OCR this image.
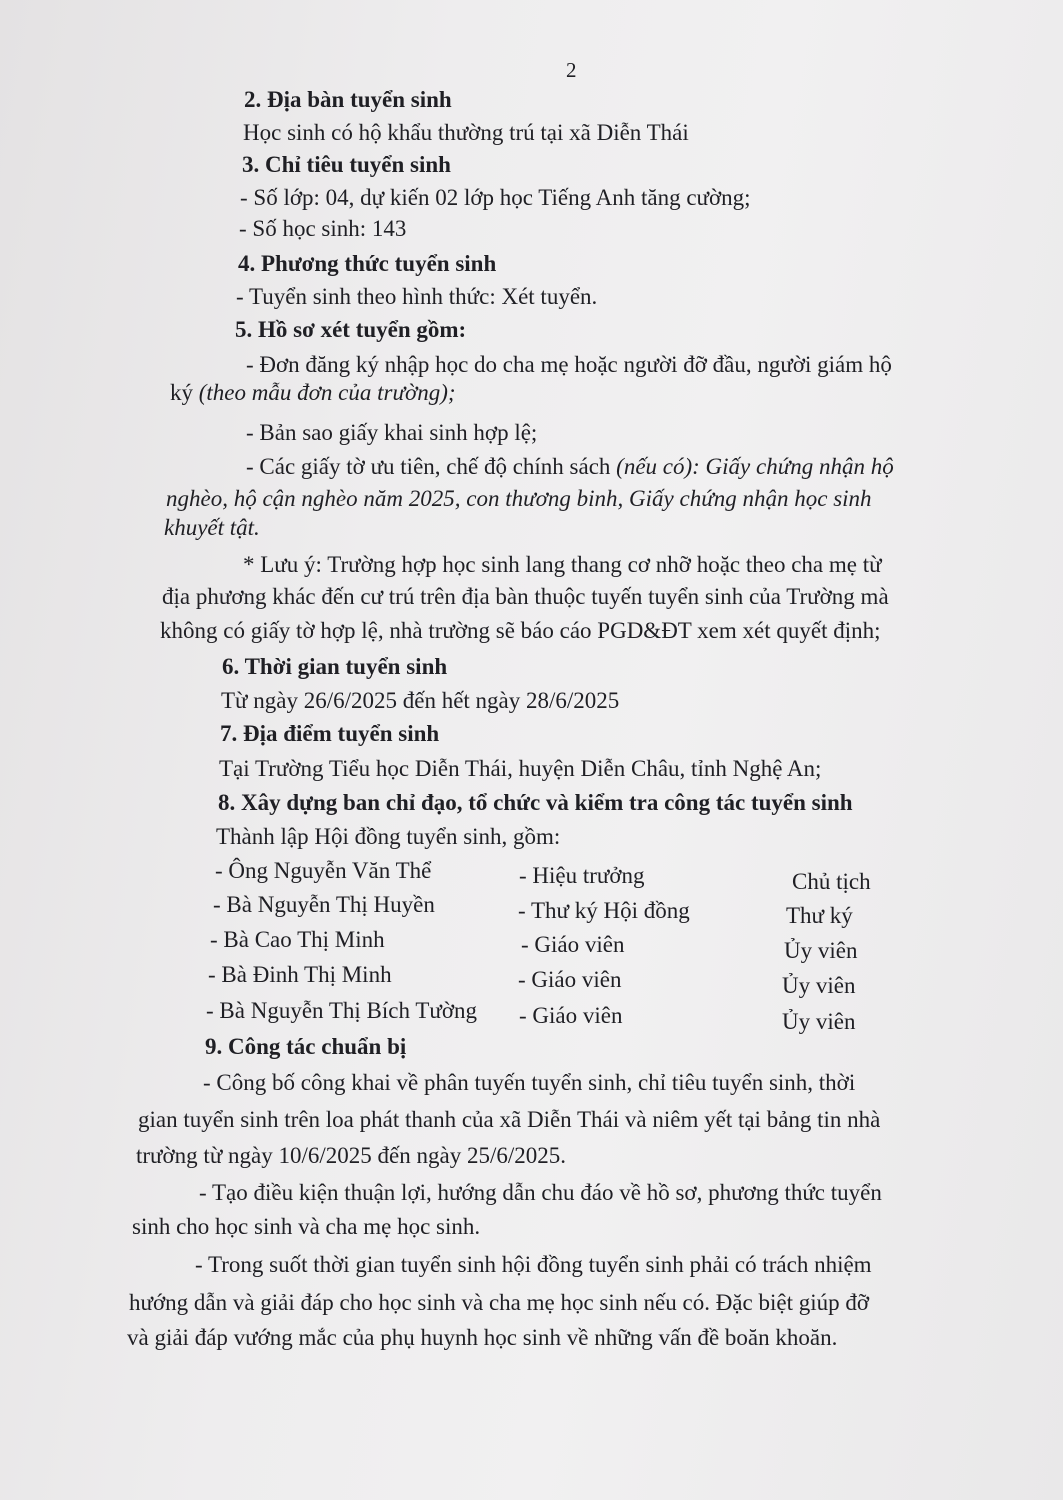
2
2. Địa bàn tuyển sinh
Học sinh có hộ khẩu thường trú tại xã Diễn Thái
3. Chỉ tiêu tuyển sinh
- Số lớp: 04, dự kiến 02 lớp học Tiếng Anh tăng cường;
- Số học sinh: 143
4. Phương thức tuyển sinh
- Tuyển sinh theo hình thức: Xét tuyển.
5. Hồ sơ xét tuyển gồm:
- Đơn đăng ký nhập học do cha mẹ hoặc người đỡ đầu, người giám hộ
ký (theo mẫu đơn của trường);
- Bản sao giấy khai sinh hợp lệ;
- Các giấy tờ ưu tiên, chế độ chính sách (nếu có): Giấy chứng nhận hộ
nghèo, hộ cận nghèo năm 2025, con thương binh, Giấy chứng nhận học sinh
khuyết tật.
* Lưu ý: Trường hợp học sinh lang thang cơ nhỡ hoặc theo cha mẹ từ
địa phương khác đến cư trú trên địa bàn thuộc tuyến tuyển sinh của Trường mà
không có giấy tờ hợp lệ, nhà trường sẽ báo cáo PGD&ĐT xem xét quyết định;
6. Thời gian tuyển sinh
Từ ngày 26/6/2025 đến hết ngày 28/6/2025
7. Địa điểm tuyển sinh
Tại Trường Tiểu học Diễn Thái, huyện Diễn Châu, tỉnh Nghệ An;
8. Xây dựng ban chỉ đạo, tổ chức và kiểm tra công tác tuyển sinh
Thành lập Hội đồng tuyển sinh, gồm:
- Ông Nguyễn Văn Thể	- Hiệu trưởng	Chủ tịch
- Bà Nguyễn Thị Huyền	- Thư ký Hội đồng	Thư ký
- Bà Cao Thị Minh	- Giáo viên	Ủy viên
- Bà Đinh Thị Minh	- Giáo viên	Ủy viên
- Bà Nguyễn Thị Bích Tường - Giáo viên	Ủy viên
9. Công tác chuẩn bị
- Công bố công khai về phân tuyến tuyển sinh, chỉ tiêu tuyển sinh, thời
gian tuyển sinh trên loa phát thanh của xã Diễn Thái và niêm yết tại bảng tin nhà
trường từ ngày 10/6/2025 đến ngày 25/6/2025.
- Tạo điều kiện thuận lợi, hướng dẫn chu đáo về hồ sơ, phương thức tuyển
sinh cho học sinh và cha mẹ học sinh.
- Trong suốt thời gian tuyển sinh hội đồng tuyển sinh phải có trách nhiệm
hướng dẫn và giải đáp cho học sinh và cha mẹ học sinh nếu có. Đặc biệt giúp đỡ
và giải đáp vướng mắc của phụ huynh học sinh về những vấn đề boăn khoăn.
